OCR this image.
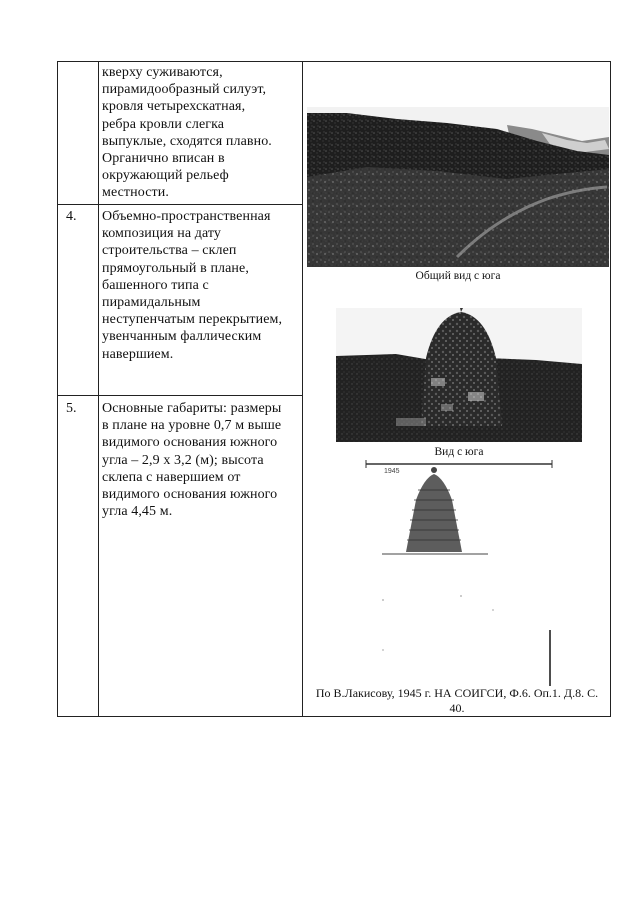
кверху суживаются,
пирамидообразный силуэт,
кровля четырехскатная,
ребра кровли слегка
выпуклые, сходятся плавно.
Органично вписан в
окружающий рельеф
местности.
4. Объемно-пространственная
композиция на дату
строительства – склеп
прямоугольный в плане,
башенного типа с
пирамидальным
неступенчатым перекрытием,
увенчанным фаллическим
навершием.
5. Основные габариты: размеры
в плане на уровне 0,7 м выше
видимого основания южного
угла – 2,9 х 3,2 (м); высота
склепа с навершием от
видимого основания южного
угла 4,45 м.
Общий вид с юга
Вид с юга
1945
По В.Лакисову, 1945 г. НА СОИГСИ, Ф.6. Оп.1. Д.8. С.
40.
